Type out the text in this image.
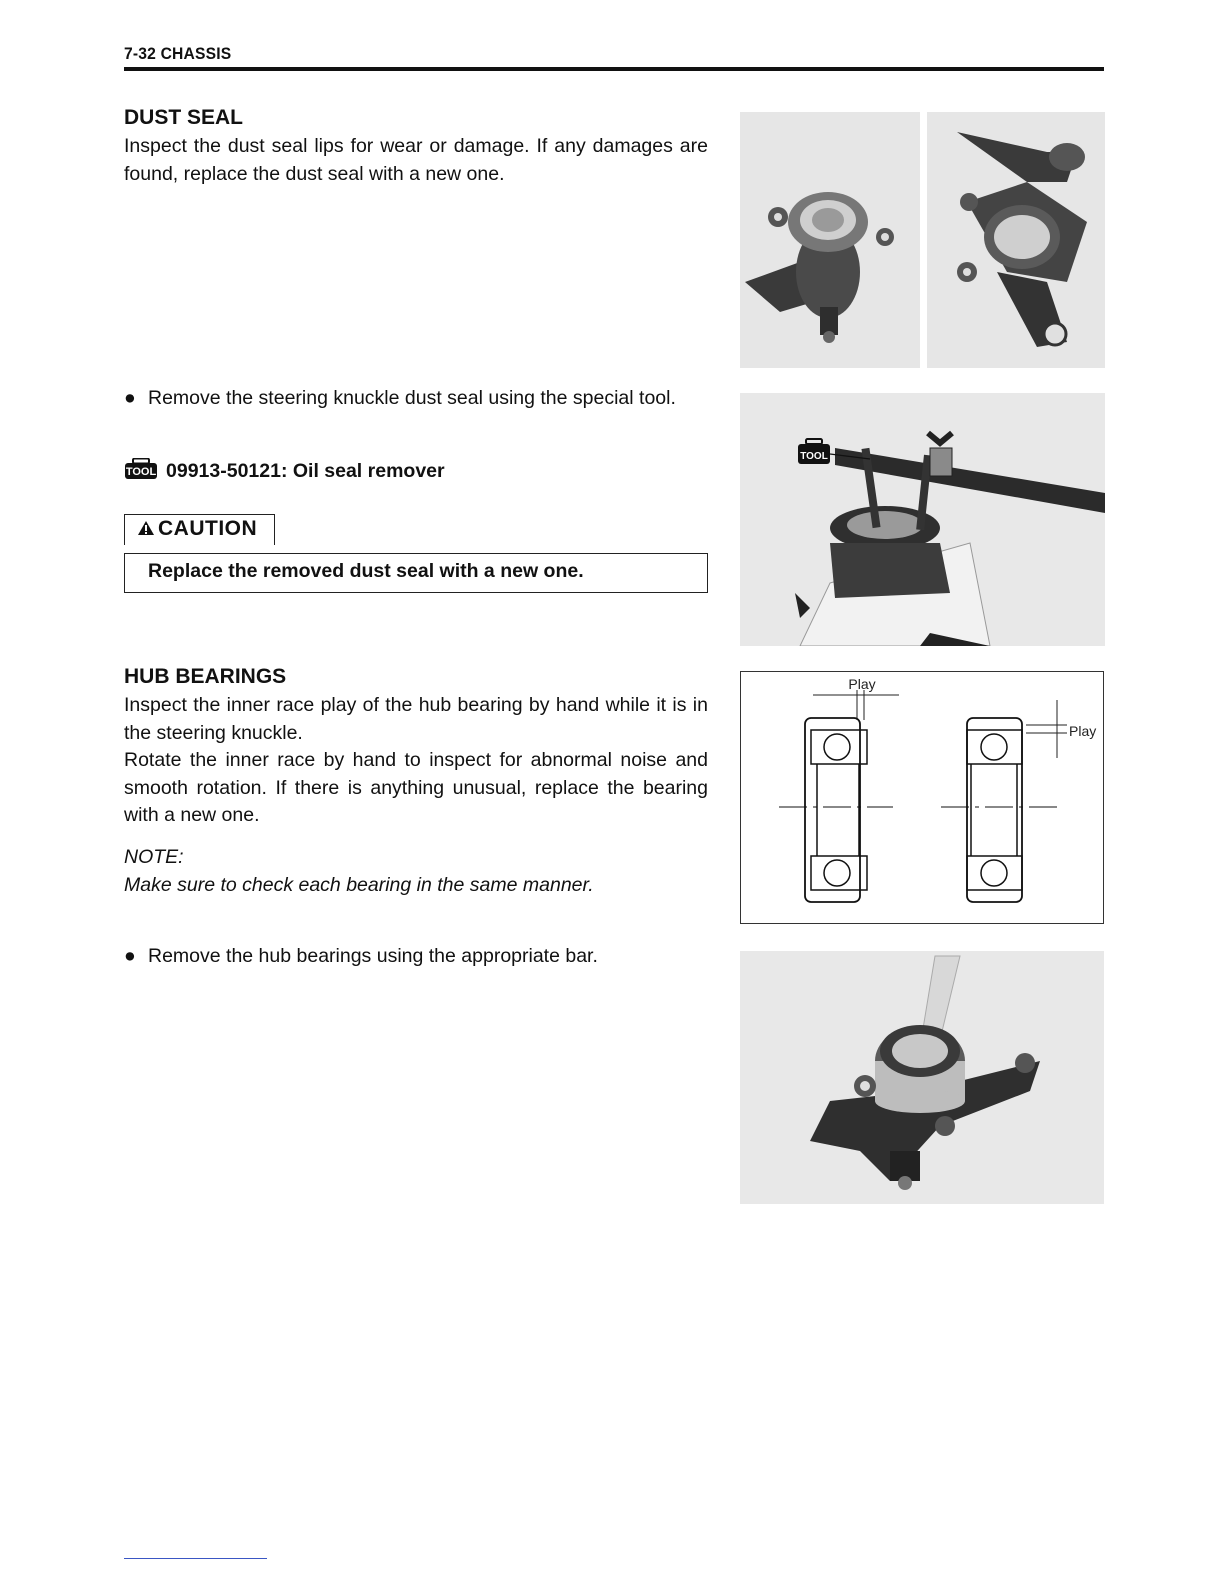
7-32 CHASSIS
DUST SEAL
Inspect the dust seal lips for wear or damage. If any damages are found, replace the dust seal with a new one.
● Remove the steering knuckle dust seal using the special tool.
TOOL 09913-50121: Oil seal remover
CAUTION
Replace the removed dust seal with a new one.
HUB BEARINGS
Inspect the inner race play of the hub bearing by hand while it is in the steering knuckle.
Rotate the inner race by hand to inspect for abnormal noise and smooth rotation. If there is anything unusual, replace the bearing with a new one.
NOTE:
Make sure to check each bearing in the same manner.
● Remove the hub bearings using the appropriate bar.
TOOL
Play
Play
